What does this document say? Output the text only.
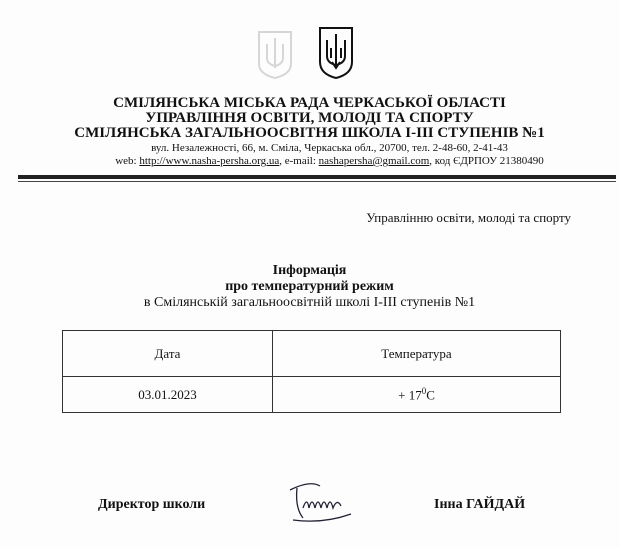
СМІЛЯНСЬКА МІСЬКА РАДА ЧЕРКАСЬКОЇ ОБЛАСТІ
УПРАВЛІННЯ ОСВІТИ, МОЛОДІ ТА СПОРТУ
СМІЛЯНСЬКА ЗАГАЛЬНООСВІТНЯ ШКОЛА І-ІІІ СТУПЕНІВ №1
вул. Незалежності, 66, м. Сміла, Черкаська обл., 20700, тел. 2-48-60, 2-41-43
web: http://www.nasha-persha.org.ua, e-mail: nashapersha@gmail.com, код ЄДРПОУ 21380490
Управлінню освіти, молоді та спорту
Інформація
про температурний режим
в Смілянській загальноосвітній школі І-ІІІ ступенів №1
Дата	Температура
03.01.2023	+ $17^0C$
Директор школи	Інна ГАЙДАЙ
